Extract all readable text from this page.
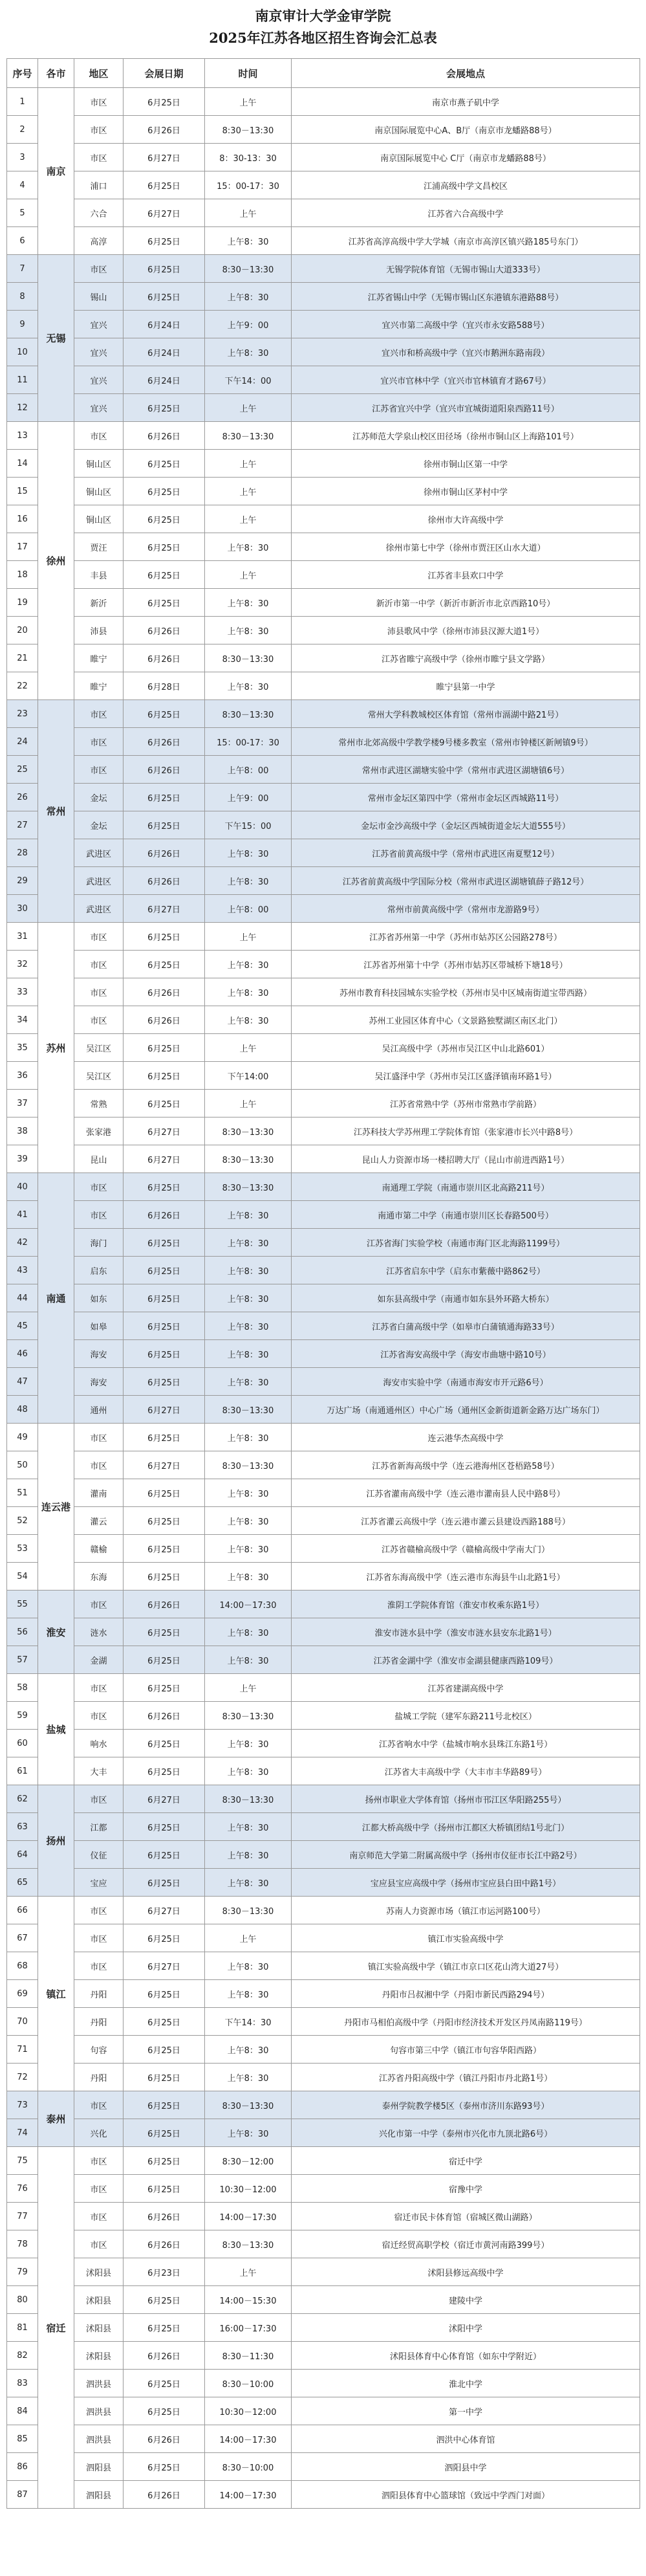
南京审计大学金审学院
2025年江苏各地区招生咨询会汇总表
序号	各市	地区	会展日期	时间	会展地点
1	南京	市区	6月25日	上午	南京市燕子矶中学
2		市区	6月26日	8:30－13:30	南京国际展览中心A、B厅（南京市龙蟠路88号）
3		市区	6月27日	8：30-13：30	南京国际展览中心 C厅（南京市龙蟠路88号）
4		浦口	6月25日	15：00-17：30	江浦高级中学文昌校区
5		六合	6月27日	上午	江苏省六合高级中学
6		高淳	6月25日	上午8：30	江苏省高淳高级中学大学城（南京市高淳区镇兴路185号东门）
7	无锡	市区	6月25日	8:30－13:30	无锡学院体育馆（无锡市锡山大道333号）
8		锡山	6月25日	上午8：30	江苏省锡山中学（无锡市锡山区东港镇东港路88号）
9		宜兴	6月24日	上午9：00	宜兴市第二高级中学（宜兴市永安路588号）
10		宜兴	6月24日	上午8：30	宜兴市和桥高级中学（宜兴市鹅洲东路南段）
11		宜兴	6月24日	下午14：00	宜兴市官林中学（宜兴市官林镇育才路67号）
12		宜兴	6月25日	上午	江苏省宜兴中学（宜兴市宜城街道阳泉西路11号）
13	徐州	市区	6月26日	8:30－13:30	江苏师范大学泉山校区田径场（徐州市铜山区上海路101号）
14		铜山区	6月25日	上午	徐州市铜山区第一中学
15		铜山区	6月25日	上午	徐州市铜山区茅村中学
16		铜山区	6月25日	上午	徐州市大许高级中学
17		贾汪	6月25日	上午8：30	徐州市第七中学（徐州市贾汪区山水大道）
18		丰县	6月25日	上午	江苏省丰县欢口中学
19		新沂	6月25日	上午8：30	新沂市第一中学（新沂市新沂市北京西路10号）
20		沛县	6月26日	上午8：30	沛县歌风中学（徐州市沛县汉源大道1号）
21		睢宁	6月26日	8:30－13:30	江苏省睢宁高级中学（徐州市睢宁县文学路）
22		睢宁	6月28日	上午8：30	睢宁县第一中学
23	常州	市区	6月25日	8:30－13:30	常州大学科教城校区体育馆（常州市滆湖中路21号）
24		市区	6月26日	15：00-17：30	常州市北郊高级中学教学楼9号楼多教室（常州市钟楼区新闸镇9号）
25		市区	6月26日	上午8：00	常州市武进区湖塘实验中学（常州市武进区湖塘镇6号）
26		金坛	6月25日	上午9：00	常州市金坛区第四中学（常州市金坛区西城路11号）
27		金坛	6月25日	下午15：00	金坛市金沙高级中学（金坛区西城街道金坛大道555号）
28		武进区	6月26日	上午8：30	江苏省前黄高级中学（常州市武进区南夏墅12号）
29		武进区	6月26日	上午8：30	江苏省前黄高级中学国际分校（常州市武进区湖塘镇薛子路12号）
30		武进区	6月27日	上午8：00	常州市前黄高级中学（常州市龙游路9号）
31	苏州	市区	6月25日	上午	江苏省苏州第一中学（苏州市姑苏区公园路278号）
32		市区	6月25日	上午8：30	江苏省苏州第十中学（苏州市姑苏区带城桥下塘18号）
33		市区	6月26日	上午8：30	苏州市教育科技园城东实验学校（苏州市吴中区城南街道宝带西路）
34		市区	6月26日	上午8：30	苏州工业园区体育中心（文景路独墅湖区南区北门）
35		吴江区	6月25日	上午	吴江高级中学（苏州市吴江区中山北路601）
36		吴江区	6月25日	下午14:00	吴江盛泽中学（苏州市吴江区盛泽镇南环路1号）
37		常熟	6月25日	上午	江苏省常熟中学（苏州市常熟市学前路）
38		张家港	6月27日	8:30－13:30	江苏科技大学苏州理工学院体育馆（张家港市长兴中路8号）
39		昆山	6月27日	8:30－13:30	昆山人力资源市场一楼招聘大厅（昆山市前进西路1号）
40	南通	市区	6月25日	8:30－13:30	南通理工学院（南通市崇川区北高路211号）
41		市区	6月26日	上午8：30	南通市第二中学（南通市崇川区长春路500号）
42		海门	6月25日	上午8：30	江苏省海门实验学校（南通市海门区北海路1199号）
43		启东	6月25日	上午8：30	江苏省启东中学（启东市紫薇中路862号）
44		如东	6月25日	上午8：30	如东县高级中学（南通市如东县外环路大桥东）
45		如皋	6月25日	上午8：30	江苏省白蒲高级中学（如皋市白蒲镇通海路33号）
46		海安	6月25日	上午8：30	江苏省海安高级中学（海安市曲塘中路10号）
47		海安	6月25日	上午8：30	海安市实验中学（南通市海安市开元路6号）
48		通州	6月27日	8:30－13:30	万达广场（南通通州区）中心广场（通州区金新街道新金路万达广场东门）
49	连云港	市区	6月25日	上午8：30	连云港华杰高级中学
50		市区	6月27日	8:30－13:30	江苏省新海高级中学（连云港海州区苍梧路58号）
51		灌南	6月25日	上午8：30	江苏省灌南高级中学（连云港市灌南县人民中路8号）
52		灌云	6月25日	上午8：30	江苏省灌云高级中学（连云港市灌云县建设西路188号）
53		赣榆	6月25日	上午8：30	江苏省赣榆高级中学（赣榆高级中学南大门）
54		东海	6月25日	上午8：30	江苏省东海高级中学（连云港市东海县牛山北路1号）
55	淮安	市区	6月26日	14:00－17:30	淮阴工学院体育馆（淮安市枚乘东路1号）
56		涟水	6月25日	上午8：30	淮安市涟水县中学（淮安市涟水县安东北路1号）
57		金湖	6月25日	上午8：30	江苏省金湖中学（淮安市金湖县健康西路109号）
58	盐城	市区	6月25日	上午	江苏省建湖高级中学
59		市区	6月26日	8:30－13:30	盐城工学院（建军东路211号北校区）
60		响水	6月25日	上午8：30	江苏省响水中学（盐城市响水县珠江东路1号）
61		大丰	6月25日	上午8：30	江苏省大丰高级中学（大丰市丰华路89号）
62	扬州	市区	6月27日	8:30－13:30	扬州市职业大学体育馆（扬州市邗江区华阳路255号）
63		江都	6月25日	上午8：30	江都大桥高级中学（扬州市江都区大桥镇团结1号北门）
64		仪征	6月25日	上午8：30	南京师范大学第二附属高级中学（扬州市仪征市长江中路2号）
65		宝应	6月25日	上午8：30	宝应县宝应高级中学（扬州市宝应县白田中路1号）
66	镇江	市区	6月27日	8:30－13:30	苏南人力资源市场（镇江市运河路100号）
67		市区	6月25日	上午	镇江市实验高级中学
68		市区	6月27日	上午8：30	镇江实验高级中学（镇江市京口区花山湾大道27号）
69		丹阳	6月25日	上午8：30	丹阳市吕叔湘中学（丹阳市新民西路294号）
70		丹阳	6月25日	下午14：30	丹阳市马相伯高级中学（丹阳市经济技术开发区丹凤南路119号）
71		句容	6月25日	上午8：30	句容市第三中学（镇江市句容华阳西路）
72		丹阳	6月25日	上午8：30	江苏省丹阳高级中学（镇江丹阳市丹北路1号）
73	泰州	市区	6月25日	8:30－13:30	泰州学院教学楼5区（泰州市济川东路93号）
74		兴化	6月25日	上午8：30	兴化市第一中学（泰州市兴化市九顶北路6号）
75	宿迁	市区	6月25日	8:30－12:00	宿迁中学
76		市区	6月25日	10:30－12:00	宿豫中学
77		市区	6月26日	14:00－17:30	宿迁市民卡体育馆（宿城区微山湖路）
78		市区	6月26日	8:30－13:30	宿迁经贸高职学校（宿迁市黄河南路399号）
79		沭阳县	6月23日	上午	沭阳县修远高级中学
80		沭阳县	6月25日	14:00－15:30	建陵中学
81		沭阳县	6月25日	16:00－17:30	沭阳中学
82		沭阳县	6月26日	8:30－11:30	沭阳县体育中心体育馆（如东中学附近）
83		泗洪县	6月25日	8:30－10:00	淮北中学
84		泗洪县	6月25日	10:30－12:00	第一中学
85		泗洪县	6月26日	14:00－17:30	泗洪中心体育馆
86		泗阳县	6月25日	8:30－10:00	泗阳县中学
87		泗阳县	6月26日	14:00－17:30	泗阳县体育中心篮球馆（致远中学西门对面）
